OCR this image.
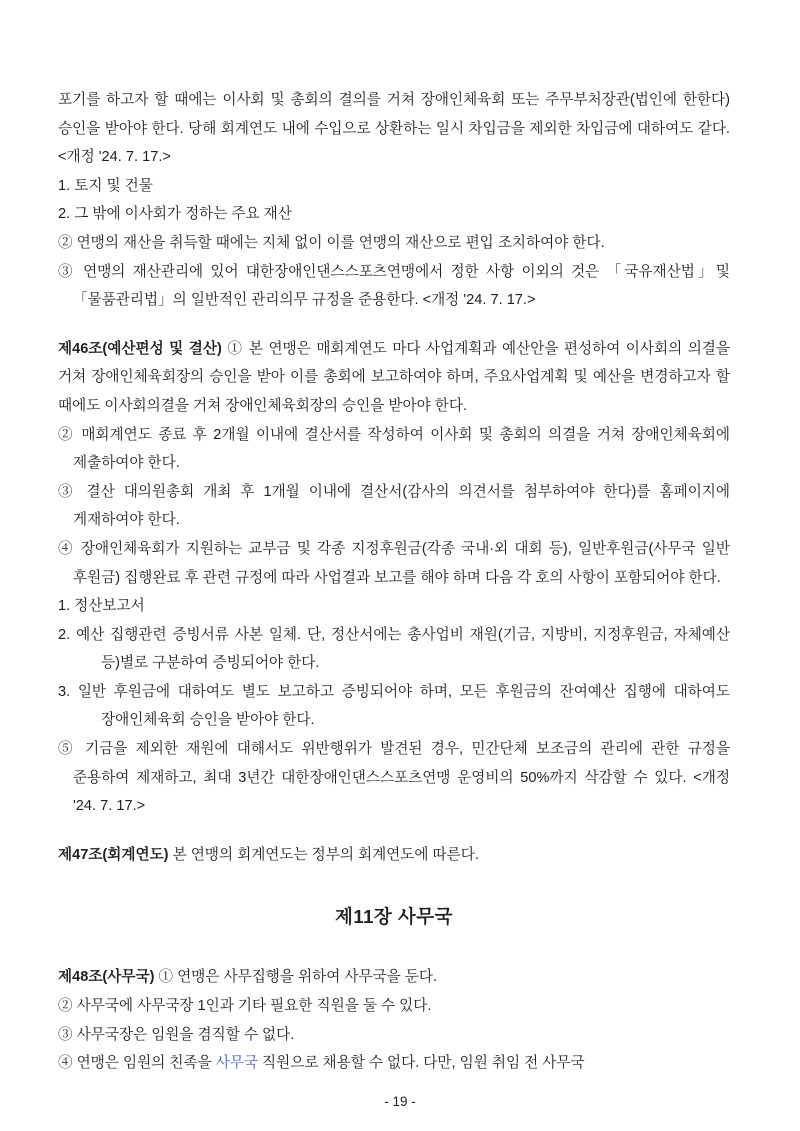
포기를 하고자 할 때에는 이사회 및 총회의 결의를 거쳐 장애인체육회 또는 주무부처장관(법인에 한한다) 승인을 받아야 한다. 당해 회계연도 내에 수입으로 상환하는 일시 차입금을 제외한 차입금에 대하여도 같다. <개정 '24. 7. 17.>

1. 토지 및 건물

2. 그 밖에 이사회가 정하는 주요 재산

② 연맹의 재산을 취득할 때에는 지체 없이 이를 연맹의 재산으로 편입 조치하여야 한다.

③ 연맹의 재산관리에 있어 대한장애인댄스스포츠연맹에서 정한 사항 이외의 것은 「국유재산법」및「물품관리법」의 일반적인 관리의무 규정을 준용한다. <개정 '24. 7. 17.>

제46조(예산편성 및 결산) ① 본 연맹은 매회계연도 마다 사업계획과 예산안을 편성하여 이사회의 의결을 거쳐 장애인체육회장의 승인을 받아 이를 총회에 보고하여야 하며, 주요사업계획 및 예산을 변경하고자 할 때에도 이사회의결을 거쳐 장애인체육회장의 승인을 받아야 한다.

② 매회계연도 종료 후 2개월 이내에 결산서를 작성하여 이사회 및 총회의 의결을 거쳐 장애인체육회에 제출하여야 한다.

③ 결산 대의원총회 개최 후 1개월 이내에 결산서(감사의 의견서를 첨부하여야 한다)를 홈페이지에 게재하여야 한다.

④ 장애인체육회가 지원하는 교부금 및 각종 지정후원금(각종 국내·외 대회 등), 일반후원금(사무국 일반 후원금) 집행완료 후 관련 규정에 따라 사업결과 보고를 해야 하며 다음 각 호의 사항이 포함되어야 한다.

1. 정산보고서

2. 예산 집행관련 증빙서류 사본 일체. 단, 정산서에는 총사업비 재원(기금, 지방비, 지정후원금, 자체예산 등)별로 구분하여 증빙되어야 한다.

3. 일반 후원금에 대하여도 별도 보고하고 증빙되어야 하며, 모든 후원금의 잔여예산 집행에 대하여도 장애인체육회 승인을 받아야 한다.

⑤ 기금을 제외한 재원에 대해서도 위반행위가 발견된 경우, 민간단체 보조금의 관리에 관한 규정을 준용하여 제재하고, 최대 3년간 대한장애인댄스스포츠연맹 운영비의 50%까지 삭감할 수 있다. <개정 '24. 7. 17.>

제47조(회계연도) 본 연맹의 회계연도는 정부의 회계연도에 따른다.

제11장 사무국

제48조(사무국) ① 연맹은 사무집행을 위하여 사무국을 둔다.

② 사무국에 사무국장 1인과 기타 필요한 직원을 둘 수 있다.

③ 사무국장은 임원을 겸직할 수 없다.

④ 연맹은 임원의 친족을 사무국 직원으로 채용할 수 없다. 다만, 임원 취임 전 사무국

- 19 -
